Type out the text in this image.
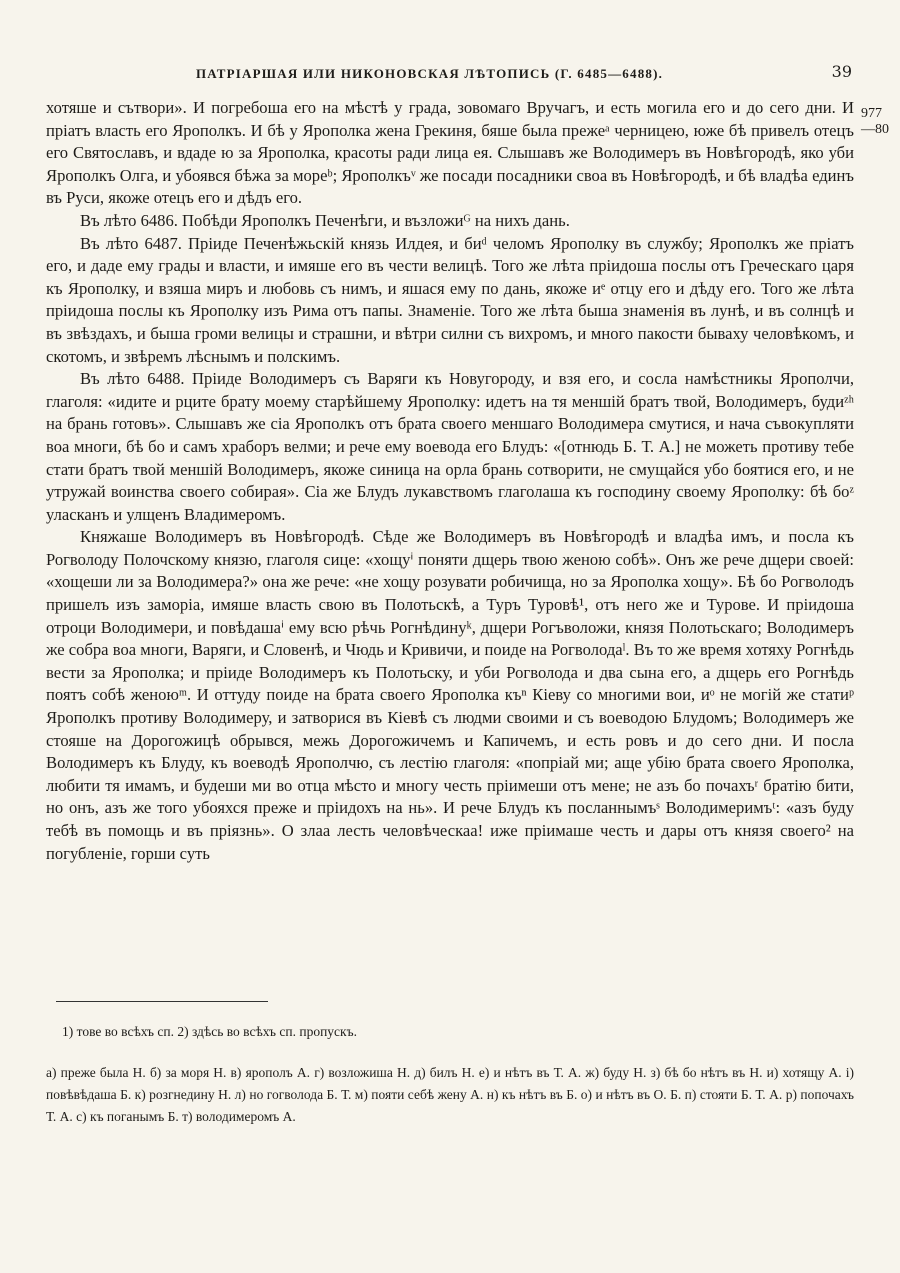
ПАТРІАРШАЯ ИЛИ НИКОНОВСКАЯ ЛѢТОПИСЬ (Г. 6485—6488).	39
977
—80

хотяше и сътвори». И погребоша его на мѣстѣ у града, зовомаго Вручагъ, и есть могила его и до сего дни. И пріатъ власть его Ярополкъ. И бѣ у Ярополка жена Грекиня, бяше была прежеᵃ черницею, юже бѣ привелъ отецъ его Святославъ, и вдаде ю за Ярополка, красоты ради лица ея. Слышавъ же Володимеръ въ Новѣгородѣ, яко уби Ярополкъ Олга, и убоявся бѣжа за мореᵇ; Ярополкъᵛ же посади посадники своа въ Новѣгородѣ, и бѣ владѣа единъ въ Руси, якоже отецъ его и дѣдъ его.

Въ лѣто 6486. Побѣди Ярополкъ Печенѣги, и възложиᴳ на нихъ дань.

Въ лѣто 6487. Пріиде Печенѣжьскій князь Илдея, и биᵈ челомъ Ярополку въ службу; Ярополкъ же пріатъ его, и даде ему грады и власти, и имяше его въ чести велицѣ. Того же лѣта пріидоша послы отъ Греческаго царя къ Ярополку, и взяша миръ и любовь съ нимъ, и яшася ему по дань, якоже иᵉ отцу его и дѣду его. Того же лѣта пріидоша послы къ Ярополку изъ Рима отъ папы. Знаменіе. Того же лѣта быша знаменія въ лунѣ, и въ солнцѣ и въ звѣздахъ, и быша громи велицы и страшни, и вѣтри силни съ вихромъ, и много пакости бываху человѣкомъ, и скотомъ, и звѣремъ лѣснымъ и полскимъ.

Въ лѣто 6488. Пріиде Володимеръ съ Варяги къ Новугороду, и взя его, и сосла намѣстникы Ярополчи, глаголя: «идите и рците брату моему старѣйшему Ярополку: идетъ на тя меншій братъ твой, Володимеръ, будиᶻʰ на брань готовъ». Слышавъ же сіа Ярополкъ отъ брата своего меншаго Володимера смутися, и нача съвокупляти воа многи, бѣ бо и самъ храборъ велми; и рече ему воевода его Блудъ: «[отнюдь Б. Т. А.] не можеть противу тебе стати братъ твой меншій Володимеръ, якоже синица на орла брань сотворити, не смущайся убо боятися его, и не утружай воинства своего собирая». Сіа же Блудъ лукавствомъ глаголаша къ господину своему Ярополку: бѣ боᶻ уласканъ и улщенъ Владимеромъ.

Княжаше Володимеръ въ Новѣгородѣ. Сѣде же Володимеръ въ Новѣгородѣ и владѣа имъ, и посла къ Рогволоду Полочскому князю, глаголя сице: «хощуⁱ поняти дщерь твою женою собѣ». Онъ же рече дщери своей: «хощеши ли за Володимера?» она же рече: «не хощу розувати робичища, но за Ярополка хощу». Бѣ бо Рогволодъ пришелъ изъ заморіа, имяше власть свою въ Полотьскѣ, а Туръ Туровѣ¹, отъ него же и Турове. И пріидоша отроци Володимери, и повѣдашаⁱ ему всю рѣчь Рогнѣдинуᵏ, дщери Рогъволожи, князя Полотьскаго; Володимеръ же собра воа многи, Варяги, и Словенѣ, и Чюдь и Кривичи, и поиде на Рогволодаˡ. Въ то же время хотяху Рогнѣдь вести за Ярополка; и пріиде Володимеръ къ Полотьску, и уби Рогволода и два сына его, а дщерь его Рогнѣдь поятъ собѣ женоюᵐ. И оттуду поиде на брата своего Ярополка къⁿ Кіеву со многими вои, иᵒ не могій же статиᵖ Ярополкъ противу Володимеру, и затворися въ Кіевѣ съ людми своими и съ воеводою Блудомъ; Володимеръ же стояше на Дорогожицѣ обрывся, межь Дорогожичемъ и Капичемъ, и есть ровъ и до сего дни. И посла Володимеръ къ Блуду, къ воеводѣ Ярополчю, съ лестію глаголя: «попріай ми; аще убію брата своего Ярополка, любити тя имамъ, и будеши ми во отца мѣсто и многу честь пріимеши отъ мене; не азъ бо почахъʳ братію бити, но онъ, азъ же того убояхся преже и пріидохъ на нь». И рече Блудъ къ посланнымъˢ Володимеримъᵗ: «азъ буду тебѣ въ помощь и въ пріязнь». О злаа лесть человѣческаа! иже пріимаше честь и дары отъ князя своего² на погубленіе, горши суть

1) тове во всѣхъ сп. 2) здѣсь во всѣхъ сп. пропускъ.
а) преже была Н. б) за моря Н. в) ярополъ А. г) возложиша Н. д) билъ Н. е) и нѣтъ въ Т. А. ж) буду Н. з) бѣ бо нѣтъ въ Н. и) хотящу А. і) повѣвѣдаша Б. к) розгнедину Н. л) но гогволода Б. Т. м) пояти себѣ жену А. н) къ нѣтъ въ Б. о) и нѣтъ въ О. Б. п) стояти Б. Т. А. р) попочахъ Т. А. с) къ поганымъ Б. т) володимеромъ А.
